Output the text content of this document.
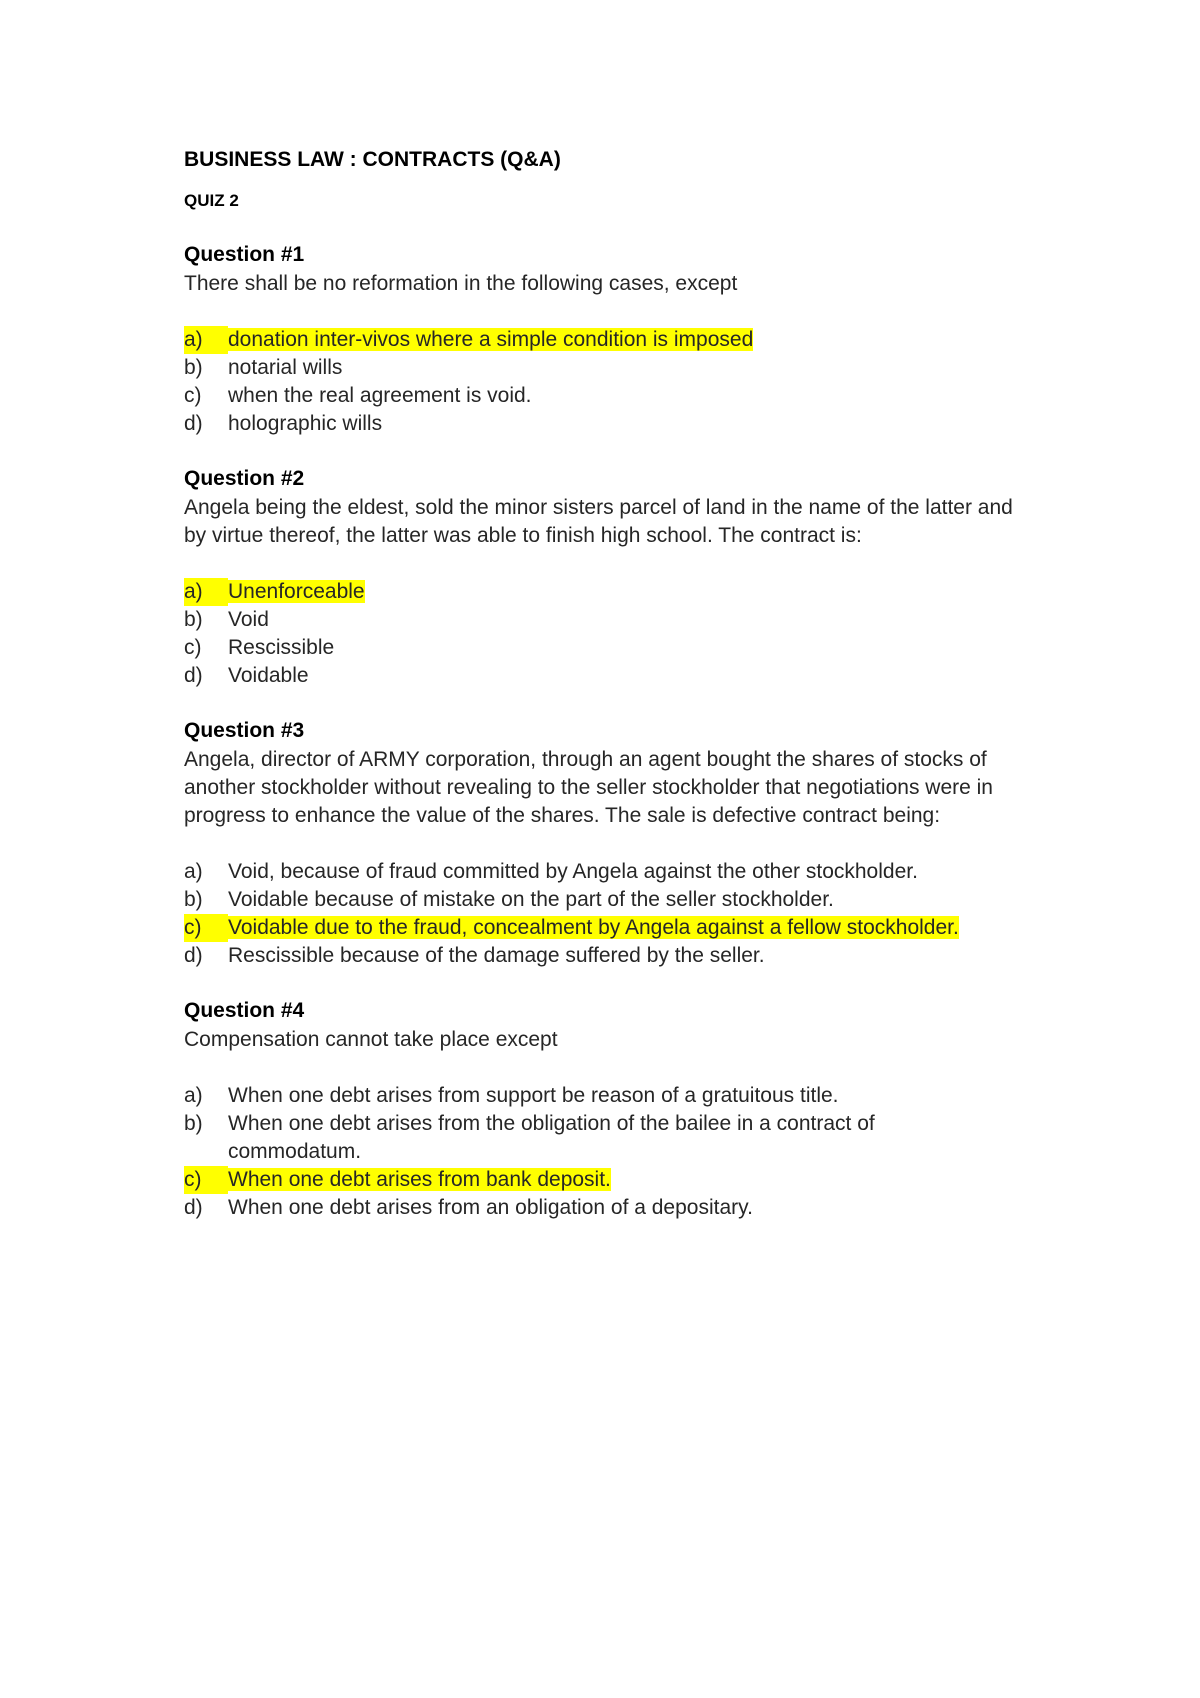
BUSINESS LAW : CONTRACTS (Q&A)
QUIZ 2
Question #1

There shall be no reformation in the following cases, except

a)	donation inter-vivos where a simple condition is imposed
b)	notarial wills
c)	when the real agreement is void.
d)	holographic wills
Question #2

Angela being the eldest, sold the minor sisters parcel of land in the name of the latter and by virtue thereof, the latter was able to finish high school. The contract is:

a)	Unenforceable
b)	Void
c)	Rescissible
d)	Voidable
Question #3

Angela, director of ARMY corporation, through an agent bought the shares of stocks of another stockholder without revealing to the seller stockholder that negotiations were in progress to enhance the value of the shares. The sale is defective contract being:

a)	Void, because of fraud committed by Angela against the other stockholder.
b)	Voidable because of mistake on the part of the seller stockholder.
c)	Voidable due to the fraud, concealment by Angela against a fellow stockholder.
d)	Rescissible because of the damage suffered by the seller.
Question #4

Compensation cannot take place except

a)	When one debt arises from support be reason of a gratuitous title.
b)	When one debt arises from the obligation of the bailee in a contract of commodatum.
c)	When one debt arises from bank deposit.
d)	When one debt arises from an obligation of a depositary.
